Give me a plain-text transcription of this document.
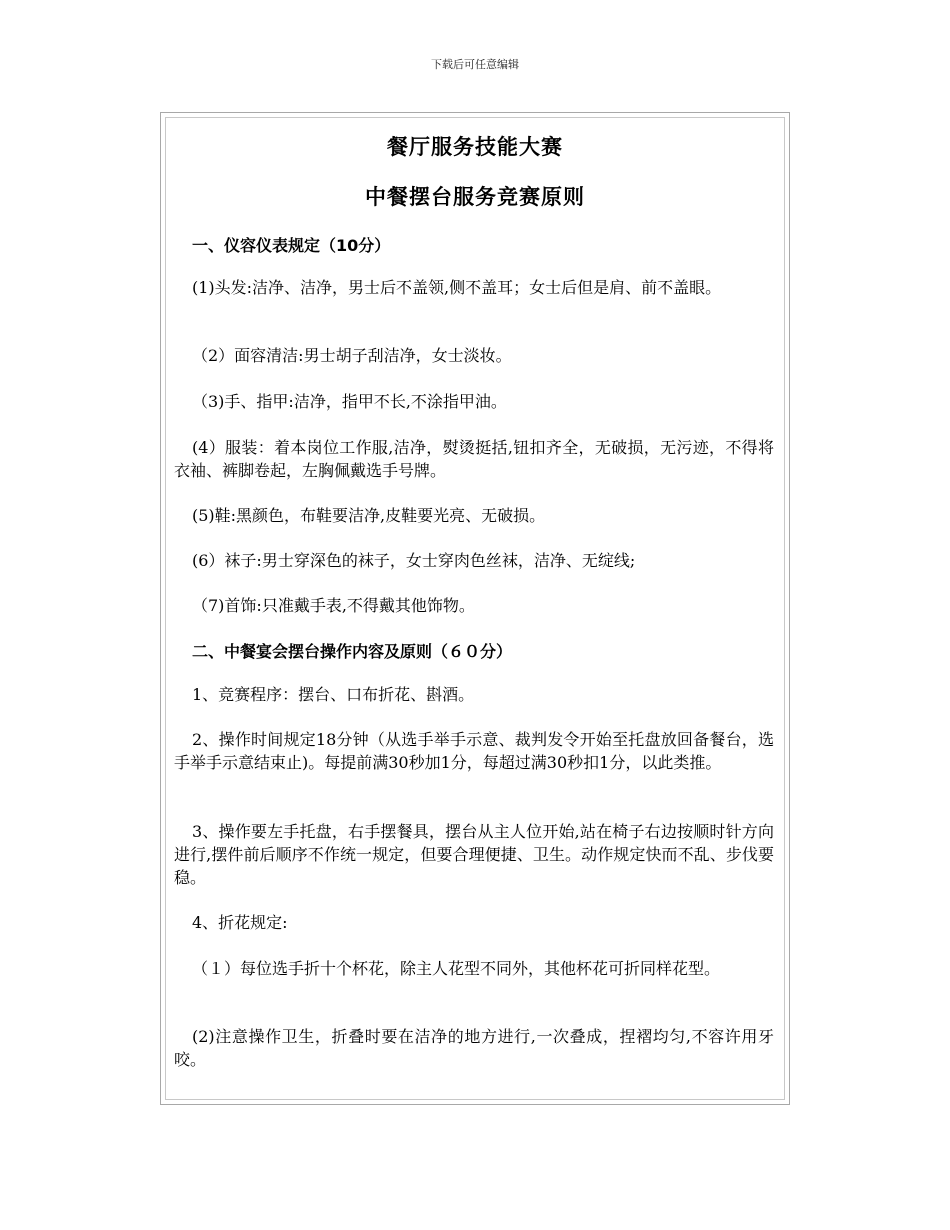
下载后可任意编辑
餐厅服务技能大赛
中餐摆台服务竞赛原则
一、仪容仪表规定（10分）
(1)头发:洁净、洁净，男士后不盖领,侧不盖耳；女士后但是肩、前不盖眼。
（2）面容清洁:男士胡子刮洁净，女士淡妆。
（3)手、指甲:洁净，指甲不长,不涂指甲油。
(4）服装：着本岗位工作服,洁净，熨烫挺括,钮扣齐全，无破损，无污迹，不得将衣袖、裤脚卷起，左胸佩戴选手号牌。
(5)鞋:黑颜色，布鞋要洁净,皮鞋要光亮、无破损。
(6）袜子:男士穿深色的袜子，女士穿肉色丝袜，洁净、无绽线;
（7)首饰:只准戴手表,不得戴其他饰物。
二、中餐宴会摆台操作内容及原则（６０分）
1、竞赛程序：摆台、口布折花、斟酒。
2、操作时间规定18分钟（从选手举手示意、裁判发令开始至托盘放回备餐台，选手举手示意结束止)。每提前满30秒加1分，每超过满30秒扣1分，以此类推。
3、操作要左手托盘，右手摆餐具，摆台从主人位开始,站在椅子右边按顺时针方向进行,摆件前后顺序不作统一规定，但要合理便捷、卫生。动作规定快而不乱、步伐要稳。
4、折花规定:
（１）每位选手折十个杯花，除主人花型不同外，其他杯花可折同样花型。
(2)注意操作卫生，折叠时要在洁净的地方进行,一次叠成，捏褶均匀,不容许用牙咬。
